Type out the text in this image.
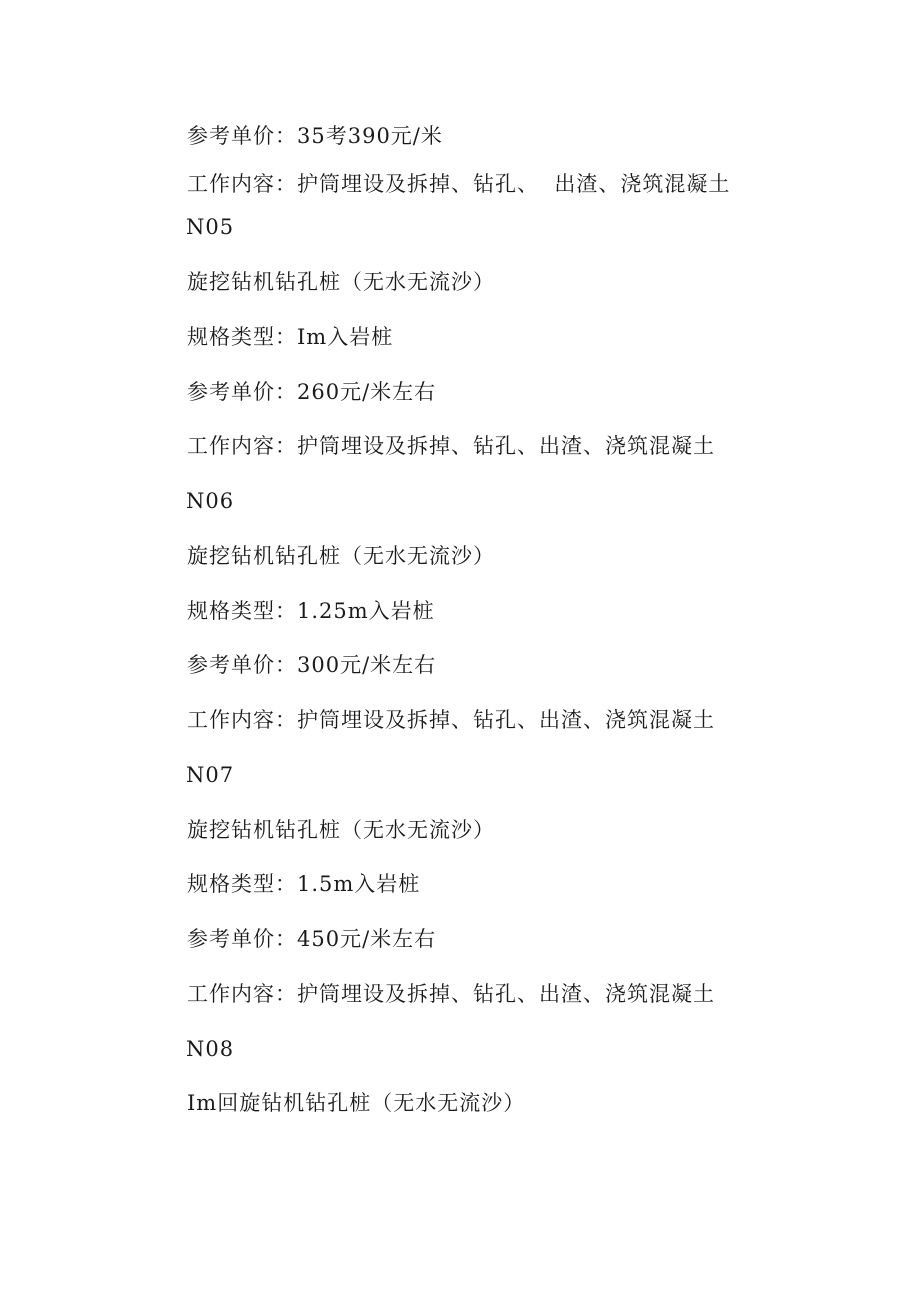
参考单价：35考390元/米
工作内容：护筒埋设及拆掉、钻孔、  出渣、浇筑混凝土
N05
旋挖钻机钻孔桩（无水无流沙）
规格类型：Im入岩桩
参考单价：260元/米左右
工作内容：护筒埋设及拆掉、钻孔、出渣、浇筑混凝土
N06
旋挖钻机钻孔桩（无水无流沙）
规格类型：1.25m入岩桩
参考单价：300元/米左右
工作内容：护筒埋设及拆掉、钻孔、出渣、浇筑混凝土
N07
旋挖钻机钻孔桩（无水无流沙）
规格类型：1.5m入岩桩
参考单价：450元/米左右
工作内容：护筒埋设及拆掉、钻孔、出渣、浇筑混凝土
N08
Im回旋钻机钻孔桩（无水无流沙）
